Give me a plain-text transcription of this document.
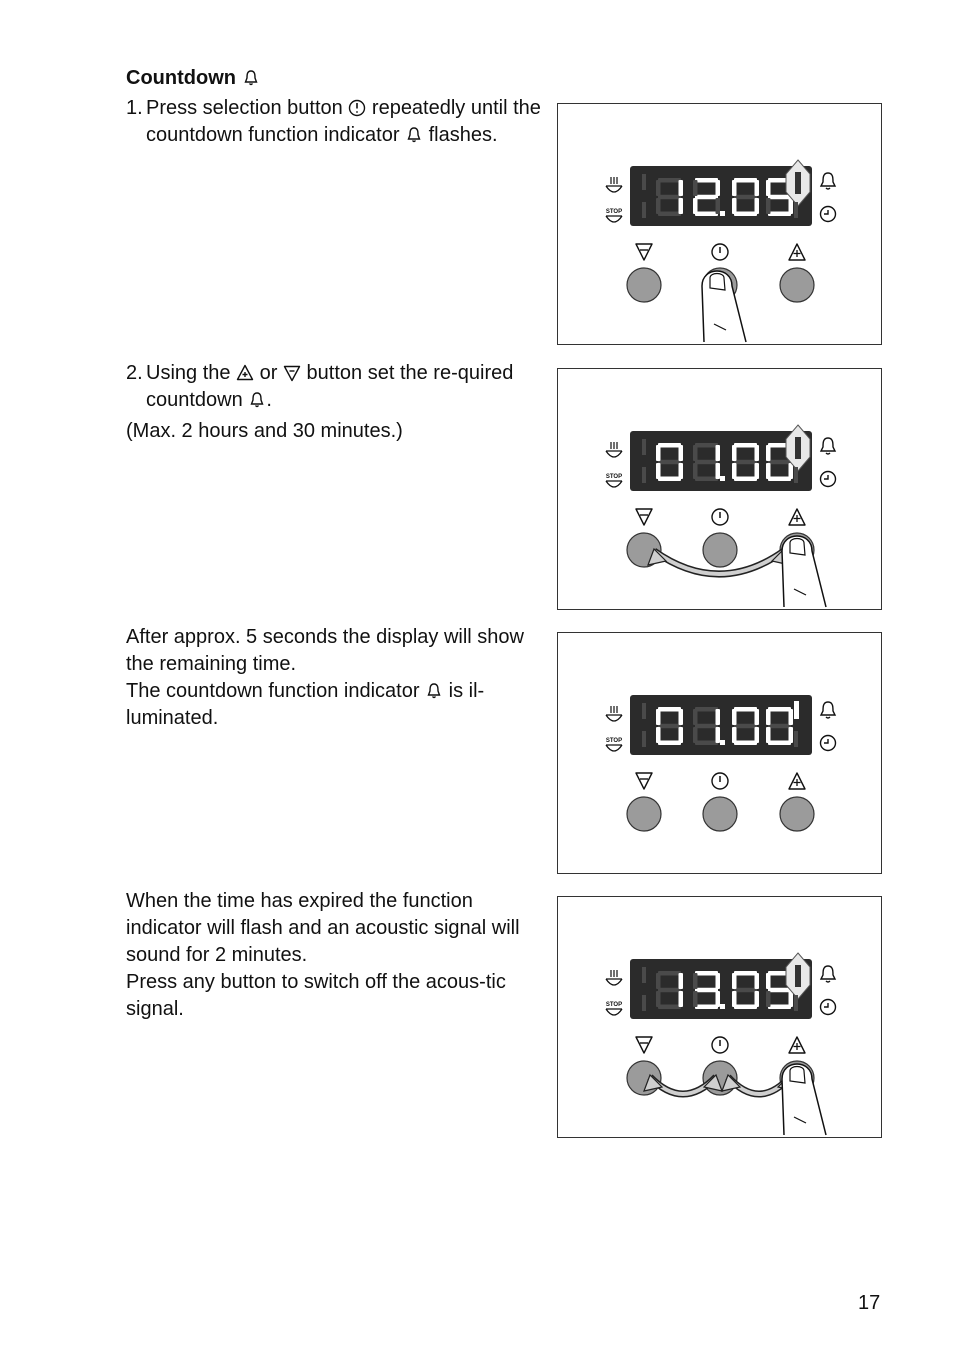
Countdown
1. Press selection button repeatedly until the countdown function indicator flashes.
2. Using the or button set the re-quired countdown .

(Max. 2 hours and 30 minutes.)

After approx. 5 seconds the display will show the remaining time.

The countdown function indicator is il-luminated.

When the time has expired the function indicator will flash and an acoustic signal will sound for 2 minutes.

Press any button to switch off the acous-tic signal.

STOP
STOP
STOP
STOP
17
